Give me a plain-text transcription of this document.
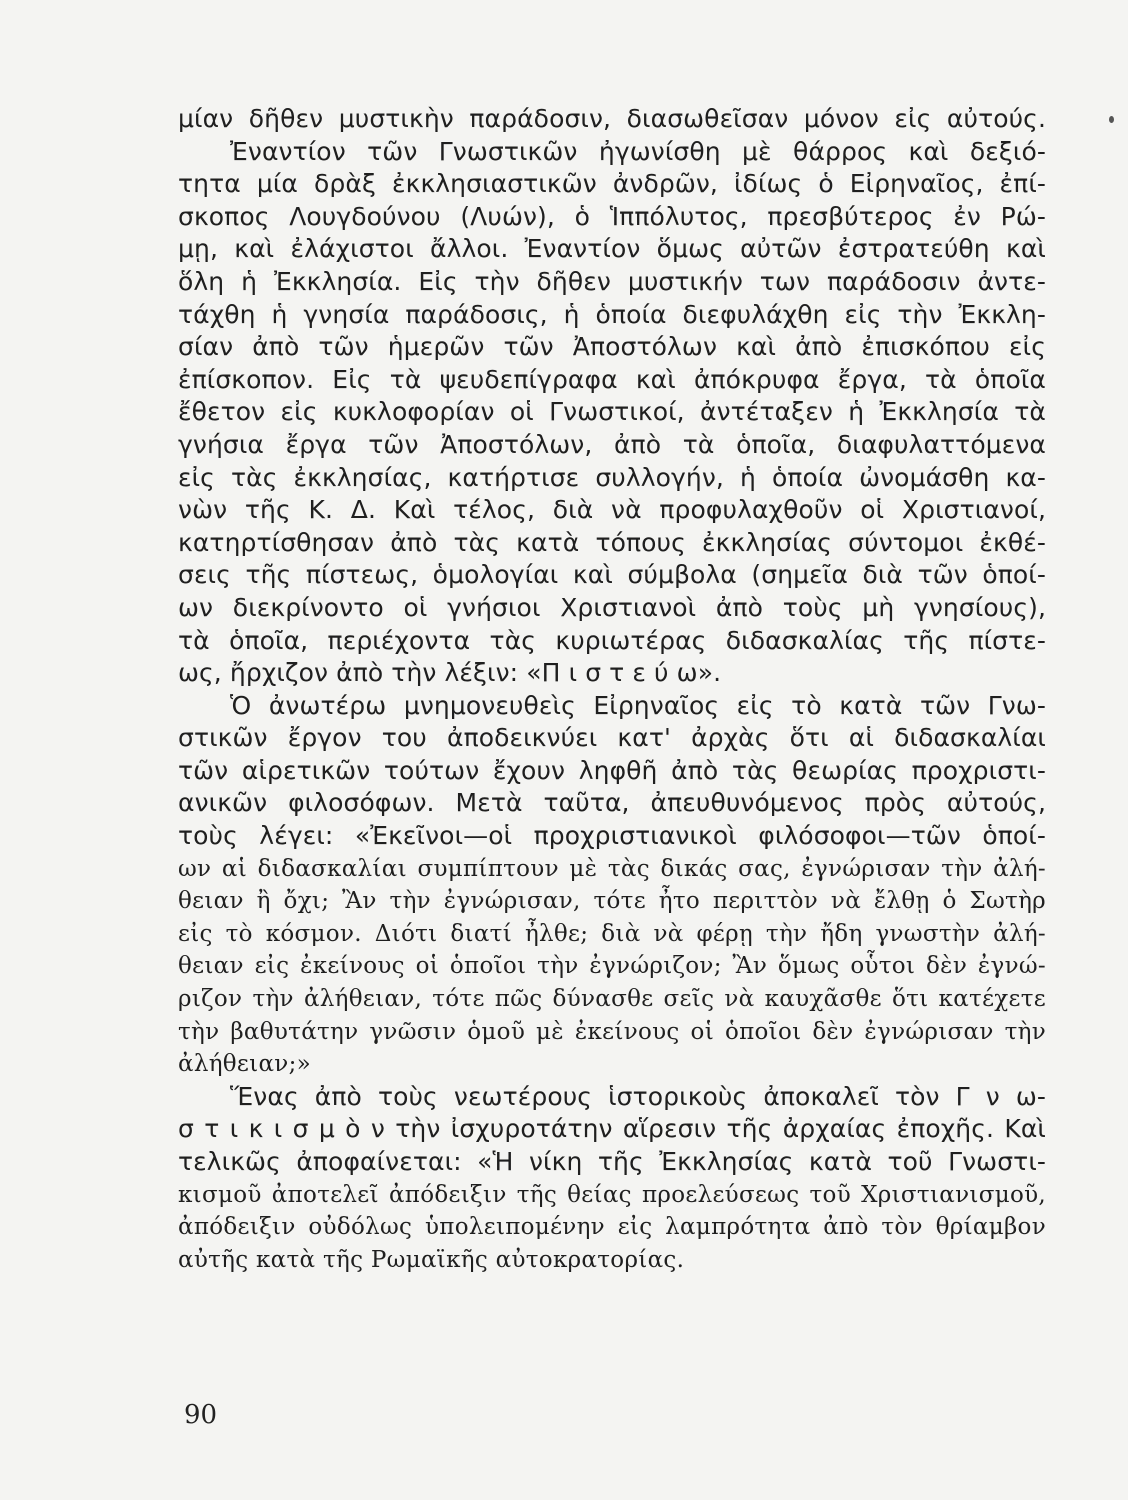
μίαν δῆθεν μυστικὴν παράδοσιν, διασωθεῖσαν μόνον εἰς αὐτούς.
Ἐναντίον τῶν Γνωστικῶν ἠγωνίσθη μὲ θάρρος καὶ δεξιό-
τητα μία δρὰξ ἐκκλησιαστικῶν ἀνδρῶν, ἰδίως ὁ Εἰρηναῖος, ἐπί-
σκοπος Λουγδούνου (Λυών), ὁ Ἱππόλυτος, πρεσβύτερος ἐν Ρώ-
μῃ, καὶ ἐλάχιστοι ἄλλοι. Ἐναντίον ὅμως αὐτῶν ἐστρατεύθη καὶ
ὅλη ἡ Ἐκκλησία. Εἰς τὴν δῆθεν μυστικήν των παράδοσιν ἀντε-
τάχθη ἡ γνησία παράδοσις, ἡ ὁποία διεφυλάχθη εἰς τὴν Ἐκκλη-
σίαν ἀπὸ τῶν ἡμερῶν τῶν Ἀποστόλων καὶ ἀπὸ ἐπισκόπου εἰς
ἐπίσκοπον. Εἰς τὰ ψευδεπίγραφα καὶ ἀπόκρυφα ἔργα, τὰ ὁποῖα
ἔθετον εἰς κυκλοφορίαν οἱ Γνωστικοί, ἀντέταξεν ἡ Ἐκκλησία τὰ
γνήσια ἔργα τῶν Ἀποστόλων, ἀπὸ τὰ ὁποῖα, διαφυλαττόμενα
εἰς τὰς ἐκκλησίας, κατήρτισε συλλογήν, ἡ ὁποία ὠνομάσθη κα-
νὼν τῆς Κ. Δ. Καὶ τέλος, διὰ νὰ προφυλαχθοῦν οἱ Χριστιανοί,
κατηρτίσθησαν ἀπὸ τὰς κατὰ τόπους ἐκκλησίας σύντομοι ἐκθέ-
σεις τῆς πίστεως, ὁμολογίαι καὶ σύμβολα (σημεῖα διὰ τῶν ὁποί-
ων διεκρίνοντο οἱ γνήσιοι Χριστιανοὶ ἀπὸ τοὺς μὴ γνησίους),
τὰ ὁποῖα, περιέχοντα τὰς κυριωτέρας διδασκαλίας τῆς πίστε-
ως, ἤρχιζον ἀπὸ τὴν λέξιν: «Π ι σ τ ε ύ ω».
Ὁ ἀνωτέρω μνημονευθεὶς Εἰρηναῖος εἰς τὸ κατὰ τῶν Γνω-
στικῶν ἔργον του ἀποδεικνύει κατ' ἀρχὰς ὅτι αἱ διδασκαλίαι
τῶν αἱρετικῶν τούτων ἔχουν ληφθῆ ἀπὸ τὰς θεωρίας προχριστι-
ανικῶν φιλοσόφων. Μετὰ ταῦτα, ἀπευθυνόμενος πρὸς αὐτούς,
τοὺς λέγει: «Ἐκεῖνοι—οἱ προχριστιανικοὶ φιλόσοφοι—τῶν ὁποί-
ων αἱ διδασκαλίαι συμπίπτουν μὲ τὰς δικάς σας, ἐγνώρισαν τὴν ἀλή-
θειαν ἢ ὄχι; Ἂν τὴν ἐγνώρισαν, τότε ἦτο περιττὸν νὰ ἔλθῃ ὁ Σωτὴρ
εἰς τὸ κόσμον. Διότι διατί ἦλθε; διὰ νὰ φέρῃ τὴν ἤδη γνωστὴν ἀλή-
θειαν εἰς ἐκείνους οἱ ὁποῖοι τὴν ἐγνώριζον; Ἂν ὅμως οὗτοι δὲν ἐγνώ-
ριζον τὴν ἀλήθειαν, τότε πῶς δύνασθε σεῖς νὰ καυχᾶσθε ὅτι κατέχετε
τὴν βαθυτάτην γνῶσιν ὁμοῦ μὲ ἐκείνους οἱ ὁποῖοι δὲν ἐγνώρισαν τὴν
ἀλήθειαν;»
Ἕνας ἀπὸ τοὺς νεωτέρους ἱστορικοὺς ἀποκαλεῖ τὸν Γ ν ω-
σ τ ι κ ι σ μ ὸ ν τὴν ἰσχυροτάτην αἵρεσιν τῆς ἀρχαίας ἐποχῆς. Καὶ
τελικῶς ἀποφαίνεται: «Ἡ νίκη τῆς Ἐκκλησίας κατὰ τοῦ Γνωστι-
κισμοῦ ἀποτελεῖ ἀπόδειξιν τῆς θείας προελεύσεως τοῦ Χριστιανισμοῦ,
ἀπόδειξιν οὐδόλως ὑπολειπομένην εἰς λαμπρότητα ἀπὸ τὸν θρίαμβον
αὐτῆς κατὰ τῆς Ρωμαϊκῆς αὐτοκρατορίας.
90
